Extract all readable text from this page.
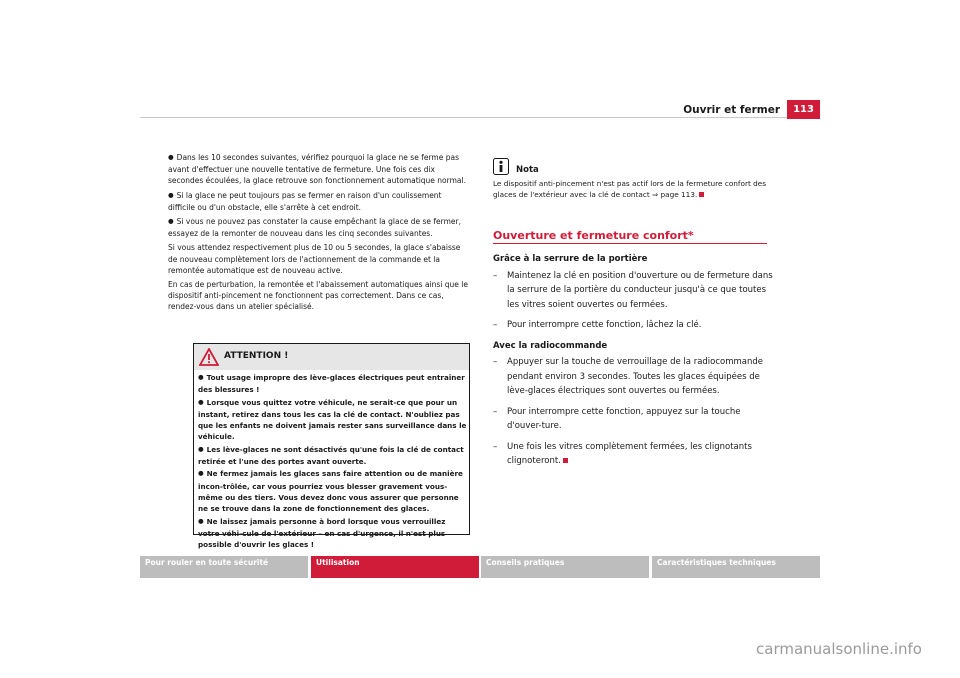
Ouvrir et fermer	113

● Dans les 10 secondes suivantes, vérifiez pourquoi la glace ne se ferme pas avant d'effectuer une nouvelle tentative de fermeture. Une fois ces dix secondes écoulées, la glace retrouve son fonctionnement automatique normal.

● Si la glace ne peut toujours pas se fermer en raison d'un coulissement difficile ou d'un obstacle, elle s'arrête à cet endroit.

● Si vous ne pouvez pas constater la cause empêchant la glace de se fermer, essayez de la remonter de nouveau dans les cinq secondes suivantes.

Si vous attendez respectivement plus de 10 ou 5 secondes, la glace s'abaisse de nouveau complètement lors de l'actionnement de la commande et la remontée automatique est de nouveau active.

En cas de perturbation, la remontée et l'abaissement automatiques ainsi que le dispositif anti-pincement ne fonctionnent pas correctement. Dans ce cas, rendez-vous dans un atelier spécialisé.

ATTENTION !

● Tout usage impropre des lève-glaces électriques peut entraîner des blessures !

● Lorsque vous quittez votre véhicule, ne serait-ce que pour un instant, retirez dans tous les cas la clé de contact. N'oubliez pas que les enfants ne doivent jamais rester sans surveillance dans le véhicule.

● Les lève-glaces ne sont désactivés qu'une fois la clé de contact retirée et l'une des portes avant ouverte.

● Ne fermez jamais les glaces sans faire attention ou de manière incon-trôlée, car vous pourriez vous blesser gravement vous-même ou des tiers. Vous devez donc vous assurer que personne ne se trouve dans la zone de fonctionnement des glaces.

● Ne laissez jamais personne à bord lorsque vous verrouillez votre véhi-cule de l'extérieur – en cas d'urgence, il n'est plus possible d'ouvrir les glaces !

Nota
Le dispositif anti-pincement n'est pas actif lors de la fermeture confort des glaces de l'extérieur avec la clé de contact ⇒ page 113.
Ouverture et fermeture confort*

Grâce à la serrure de la portière

– Maintenez la clé en position d'ouverture ou de fermeture dans la serrure de la portière du conducteur jusqu'à ce que toutes les vitres soient ouvertes ou fermées.
– Pour interrompre cette fonction, lâchez la clé.

Avec la radiocommande

– Appuyer sur la touche de verrouillage de la radiocommande pendant environ 3 secondes. Toutes les glaces équipées de lève-glaces électriques sont ouvertes ou fermées.
– Pour interrompre cette fonction, appuyez sur la touche d'ouver-ture.
– Une fois les vitres complètement fermées, les clignotants clignoteront.
Pour rouler en toute sécurité	Utilisation	Conseils pratiques	Caractéristiques techniques
carmanualsonline.info
